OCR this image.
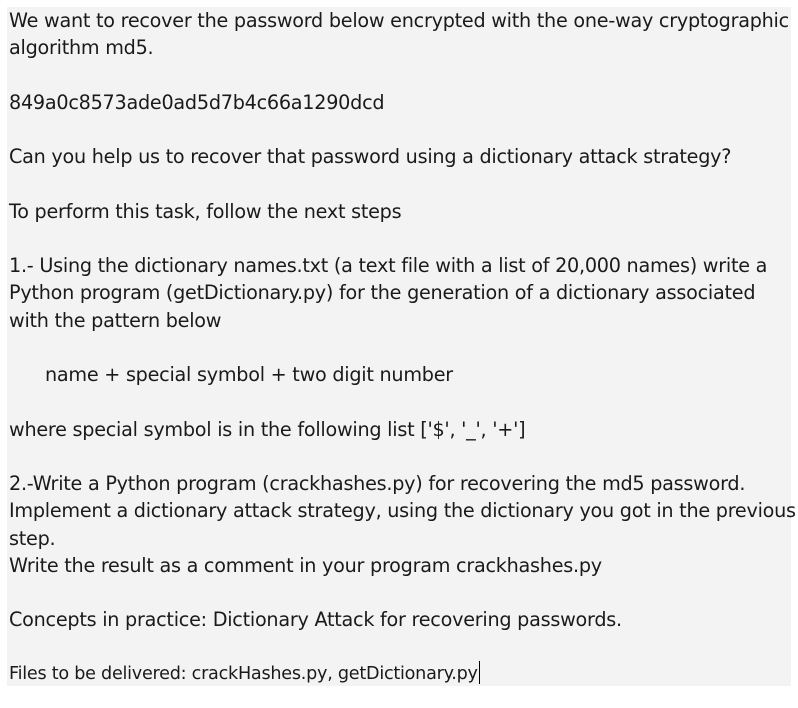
We want to recover the password below encrypted with the one-way cryptographic
algorithm md5.
849a0c8573ade0ad5d7b4c66a1290dcd
Can you help us to recover that password using a dictionary attack strategy?
To perform this task, follow the next steps
1.- Using the dictionary names.txt (a text file with a list of 20,000 names) write a
Python program (getDictionary.py) for the generation of a dictionary associated
with the pattern below
name + special symbol + two digit number
where special symbol is in the following list ['$', '_', '+']
2.-Write a Python program (crackhashes.py) for recovering the md5 password.
Implement a dictionary attack strategy, using the dictionary you got in the previous
step.
Write the result as a comment in your program crackhashes.py
Concepts in practice: Dictionary Attack for recovering passwords.
Files to be delivered: crackHashes.py, getDictionary.py
